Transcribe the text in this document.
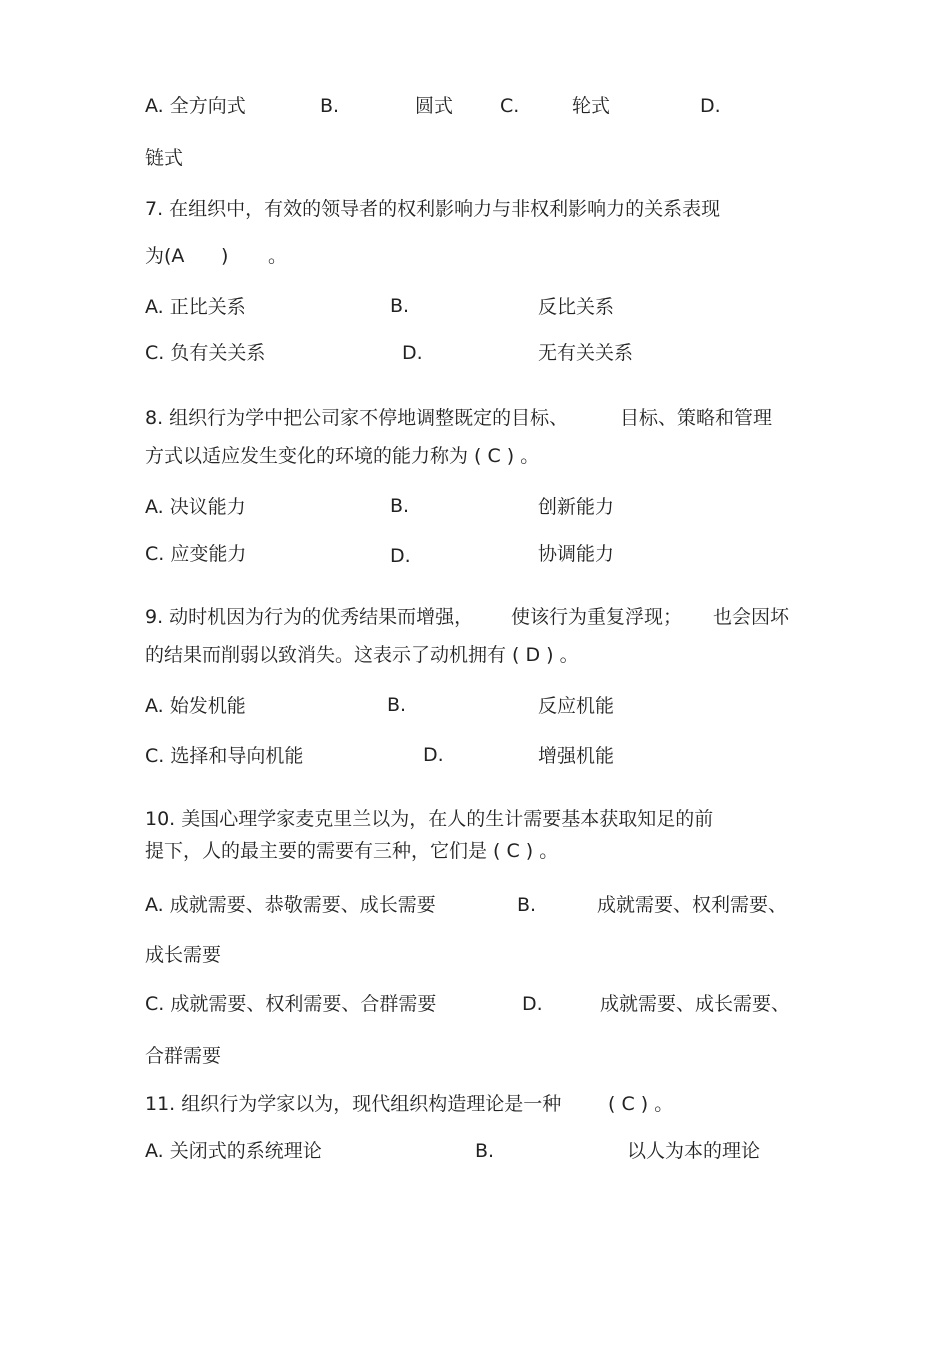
A. 全方向式	B.	圆式 C.	轮式	D.
链式
7. 在组织中，有效的领导者的权利影响力与非权利影响力的关系表现
为(A ) 。
A. 正比关系	B.	反比关系
C. 负有关关系	D.	无有关关系
8. 组织行为学中把公司家不停地调整既定的目标、	目标、策略和管理
方式以适应发生变化的环境的能力称为 ( C ) 。
A. 决议能力	B.	创新能力
C. 应变能力	D.	协调能力
9. 动时机因为行为的优秀结果而增强， 使该行为重复浮现； 也会因坏
的结果而削弱以致消失。这表示了动机拥有 ( D ) 。
A. 始发机能	B.	反应机能
C. 选择和导向机能	D.	增强机能
10. 美国心理学家麦克里兰以为，在人的生计需要基本获取知足的前
提下，人的最主要的需要有三种，它们是 ( C ) 。
A. 成就需要、恭敬需要、成长需要	B.	成就需要、权利需要、
成长需要
C. 成就需要、权利需要、合群需要	D.	成就需要、成长需要、
合群需要
11. 组织行为学家以为，现代组织构造理论是一种 ( C ) 。
A. 关闭式的系统理论	B.	以人为本的理论
